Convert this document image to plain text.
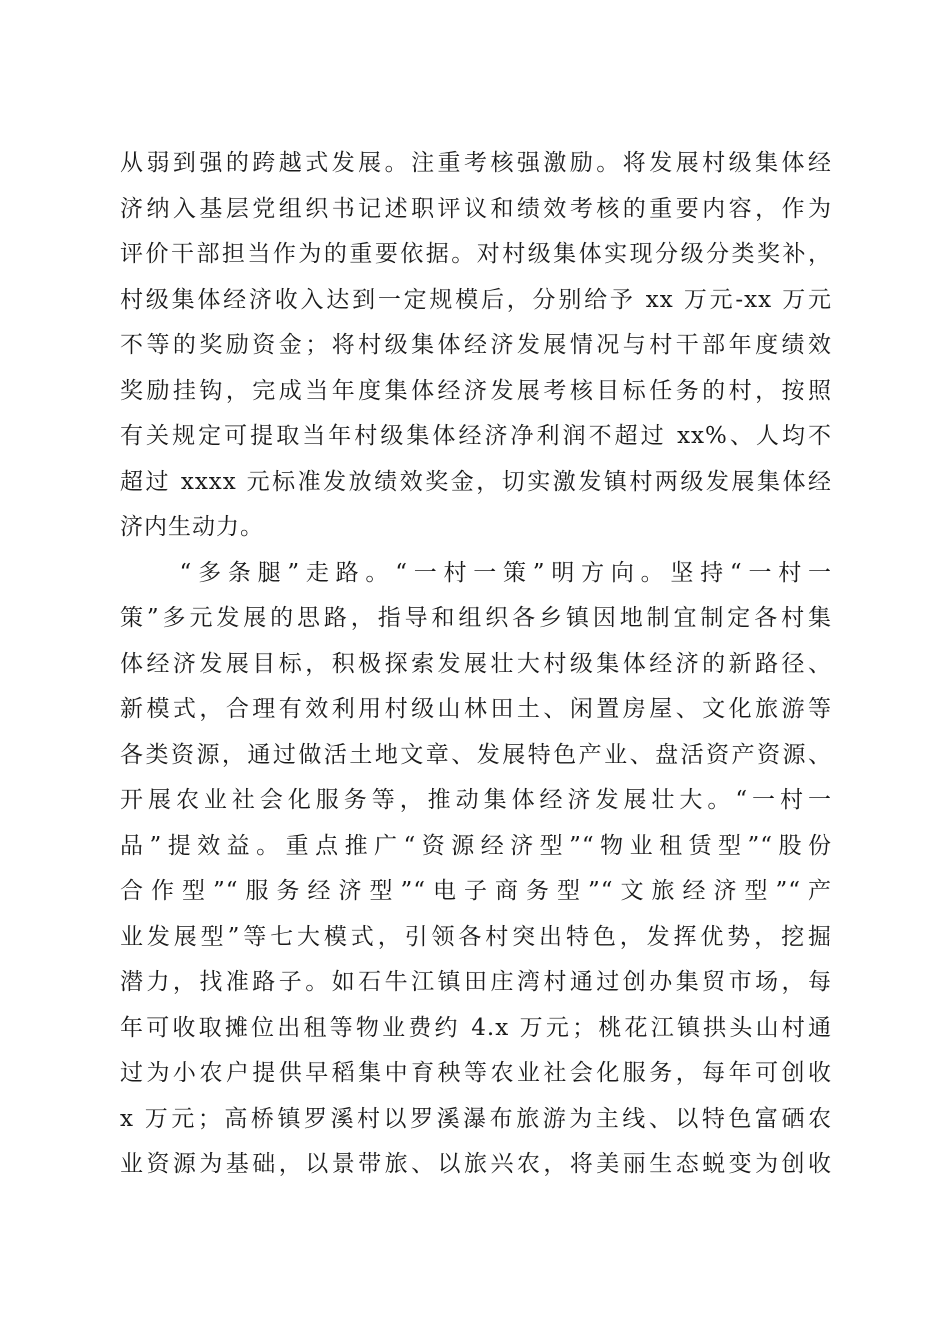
从弱到强的跨越式发展。注重考核强激励。将发展村级集体经
济纳入基层党组织书记述职评议和绩效考核的重要内容，作为
评价干部担当作为的重要依据。对村级集体实现分级分类奖补，
村级集体经济收入达到一定规模后，分别给予 xx 万元-xx 万元
不等的奖励资金；将村级集体经济发展情况与村干部年度绩效
奖励挂钩，完成当年度集体经济发展考核目标任务的村，按照
有关规定可提取当年村级集体经济净利润不超过 xx%、人均不
超过 xxxx 元标准发放绩效奖金，切实激发镇村两级发展集体经
济内生动力。
　　“多条腿”走路。“一村一策”明方向。坚持“一村一
策”多元发展的思路，指导和组织各乡镇因地制宜制定各村集
体经济发展目标，积极探索发展壮大村级集体经济的新路径、
新模式，合理有效利用村级山林田土、闲置房屋、文化旅游等
各类资源，通过做活土地文章、发展特色产业、盘活资产资源、
开展农业社会化服务等，推动集体经济发展壮大。“一村一
品”提效益。重点推广“资源经济型”“物业租赁型”“股份
合作型”“服务经济型”“电子商务型”“文旅经济型”“产
业发展型”等七大模式，引领各村突出特色，发挥优势，挖掘
潜力，找准路子。如石牛江镇田庄湾村通过创办集贸市场，每
年可收取摊位出租等物业费约 4.x 万元；桃花江镇拱头山村通
过为小农户提供早稻集中育秧等农业社会化服务，每年可创收
x 万元；高桥镇罗溪村以罗溪瀑布旅游为主线、以特色富硒农
业资源为基础，以景带旅、以旅兴农，将美丽生态蜕变为创收
